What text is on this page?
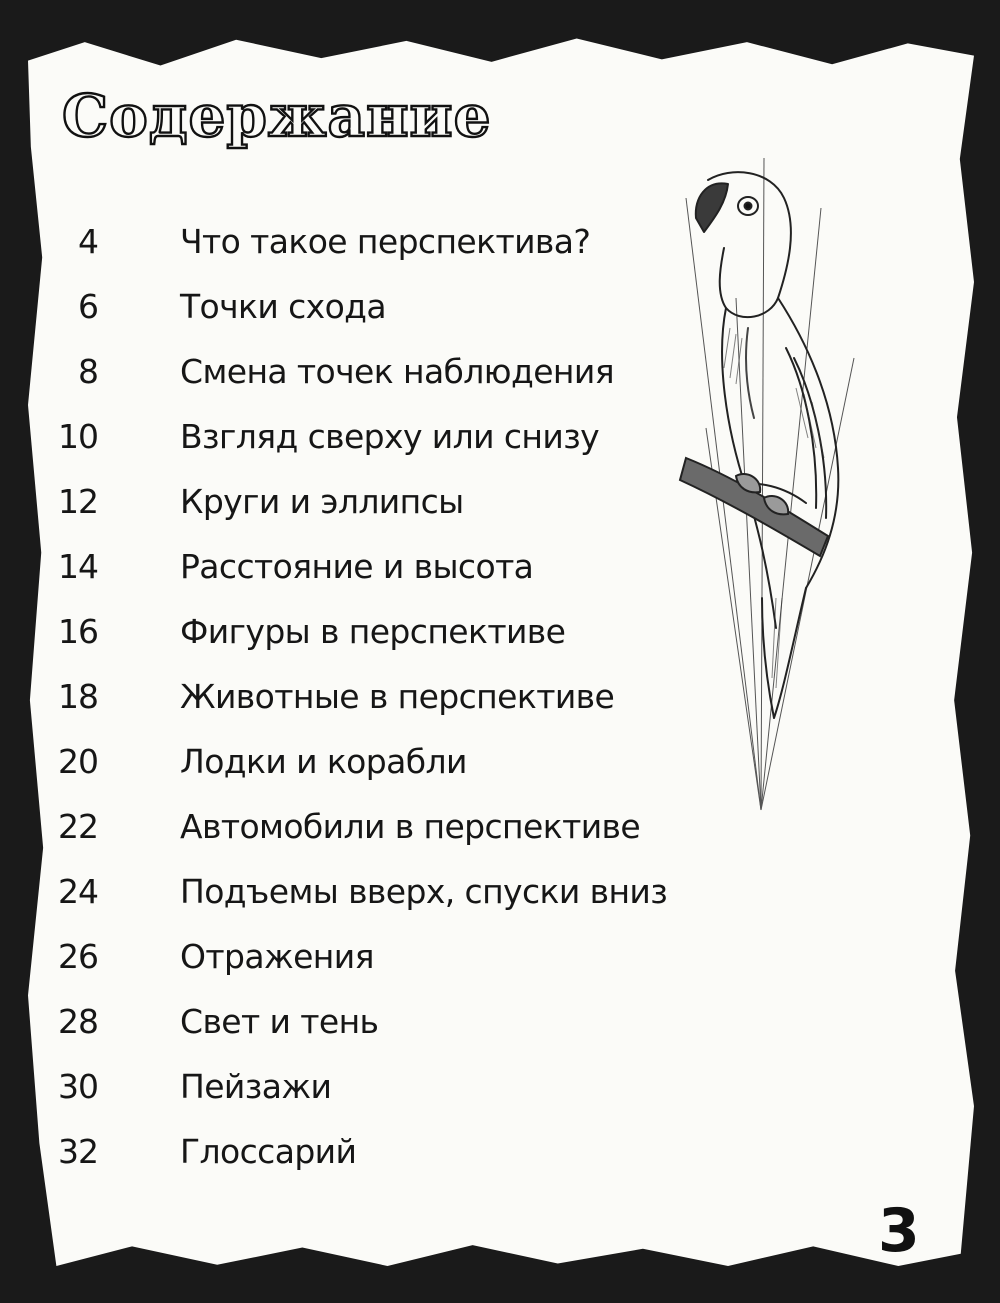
Содержание
4 Что такое перспектива?
6 Точки схода
8 Смена точек наблюдения
10 Взгляд сверху или снизу
12 Круги и эллипсы
14 Расстояние и высота
16 Фигуры в перспективе
18 Животные в перспективе
20 Лодки и корабли
22 Автомобили в перспективе
24 Подъемы вверх, спуски вниз
26 Отражения
28 Свет и тень
30 Пейзажи
32 Глоссарий
3
